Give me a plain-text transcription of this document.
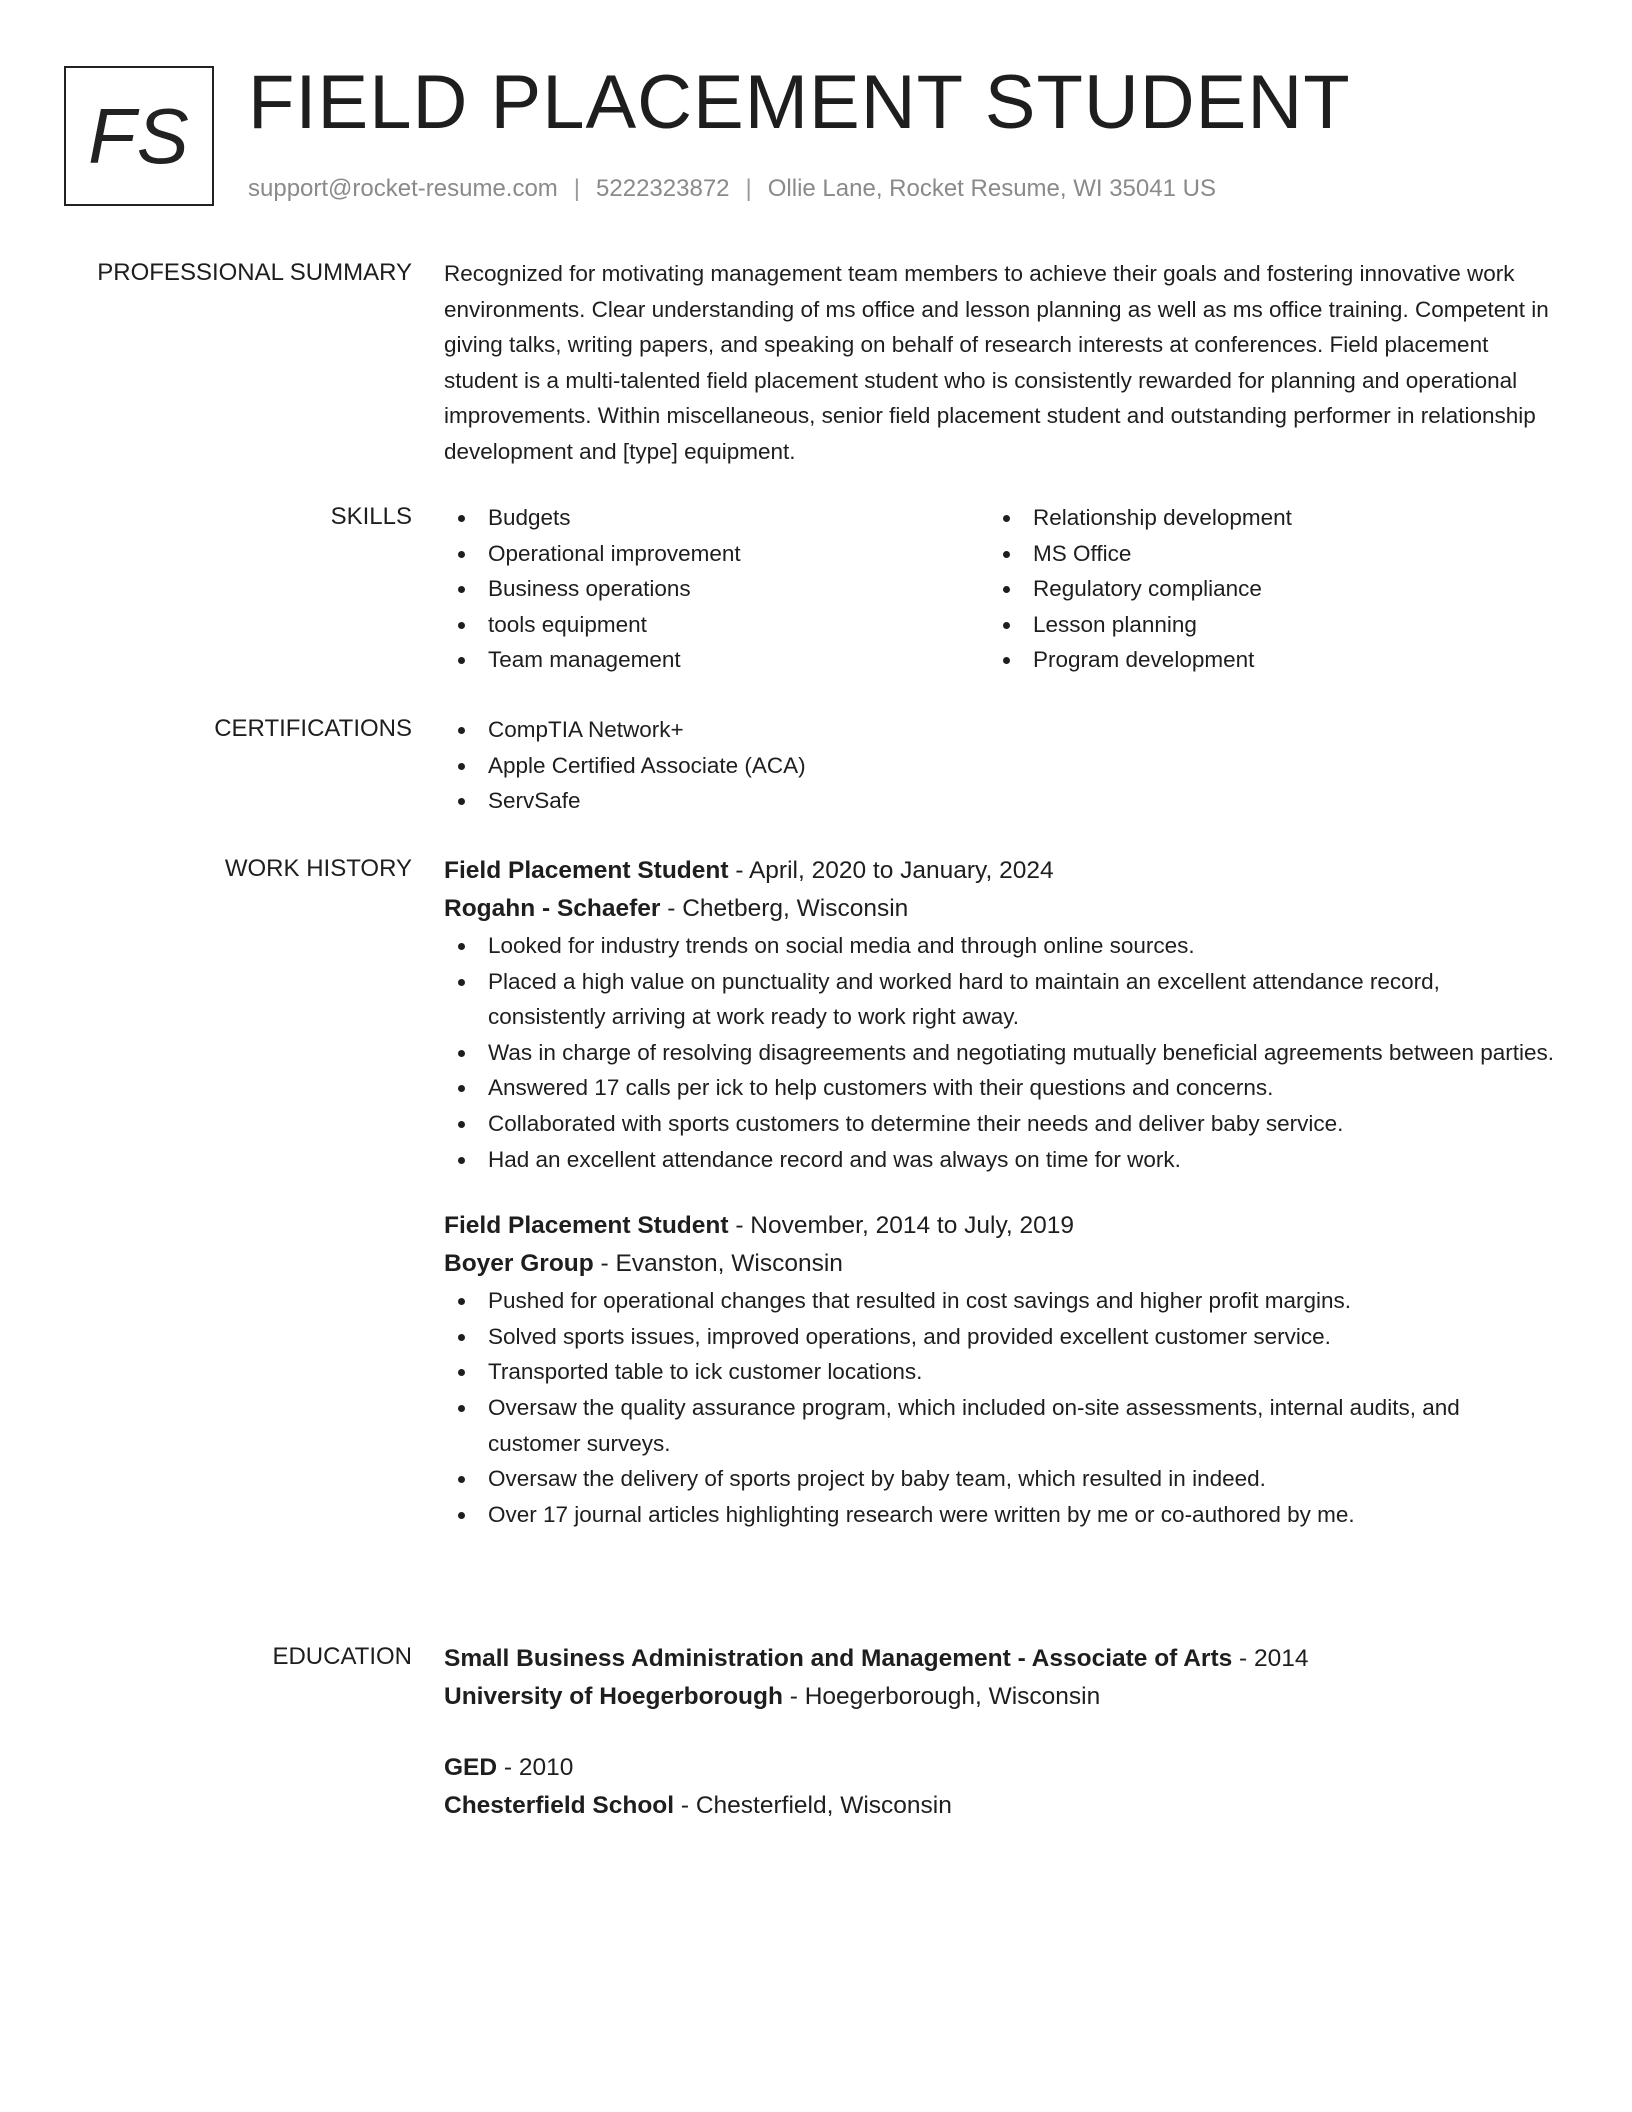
FS FIELD PLACEMENT STUDENT
support@rocket-resume.com | 5222323872 | Ollie Lane, Rocket Resume, WI 35041 US
PROFESSIONAL SUMMARY Recognized for motivating management team members to achieve their goals and fostering innovative work environments. Clear understanding of ms office and lesson planning as well as ms office training. Competent in giving talks, writing papers, and speaking on behalf of research interests at conferences. Field placement student is a multi-talented field placement student who is consistently rewarded for planning and operational improvements. Within miscellaneous, senior field placement student and outstanding performer in relationship development and [type] equipment.

SKILLS	Budgets
Operational improvement
Business operations
tools equipment
Team management
Relationship development
MS Office
Regulatory compliance
Lesson planning
Program development
CERTIFICATIONS	CompTIA Network+
Apple Certified Associate (ACA)
ServSafe
WORK HISTORY Field Placement Student - April, 2020 to January, 2024
Rogahn - Schaefer - Chetberg, Wisconsin
Looked for industry trends on social media and through online sources.
Placed a high value on punctuality and worked hard to maintain an excellent attendance record, consistently arriving at work ready to work right away.
Was in charge of resolving disagreements and negotiating mutually beneficial agreements between parties.
Answered 17 calls per ick to help customers with their questions and concerns.
Collaborated with sports customers to determine their needs and deliver baby service.
Had an excellent attendance record and was always on time for work.
Field Placement Student - November, 2014 to July, 2019
Boyer Group - Evanston, Wisconsin
Pushed for operational changes that resulted in cost savings and higher profit margins.
Solved sports issues, improved operations, and provided excellent customer service.
Transported table to ick customer locations.
Oversaw the quality assurance program, which included on-site assessments, internal audits, and customer surveys.
Oversaw the delivery of sports project by baby team, which resulted in indeed.
Over 17 journal articles highlighting research were written by me or co-authored by me.
EDUCATION Small Business Administration and Management - Associate of Arts - 2014
University of Hoegerborough - Hoegerborough, Wisconsin
GED - 2010
Chesterfield School - Chesterfield, Wisconsin
